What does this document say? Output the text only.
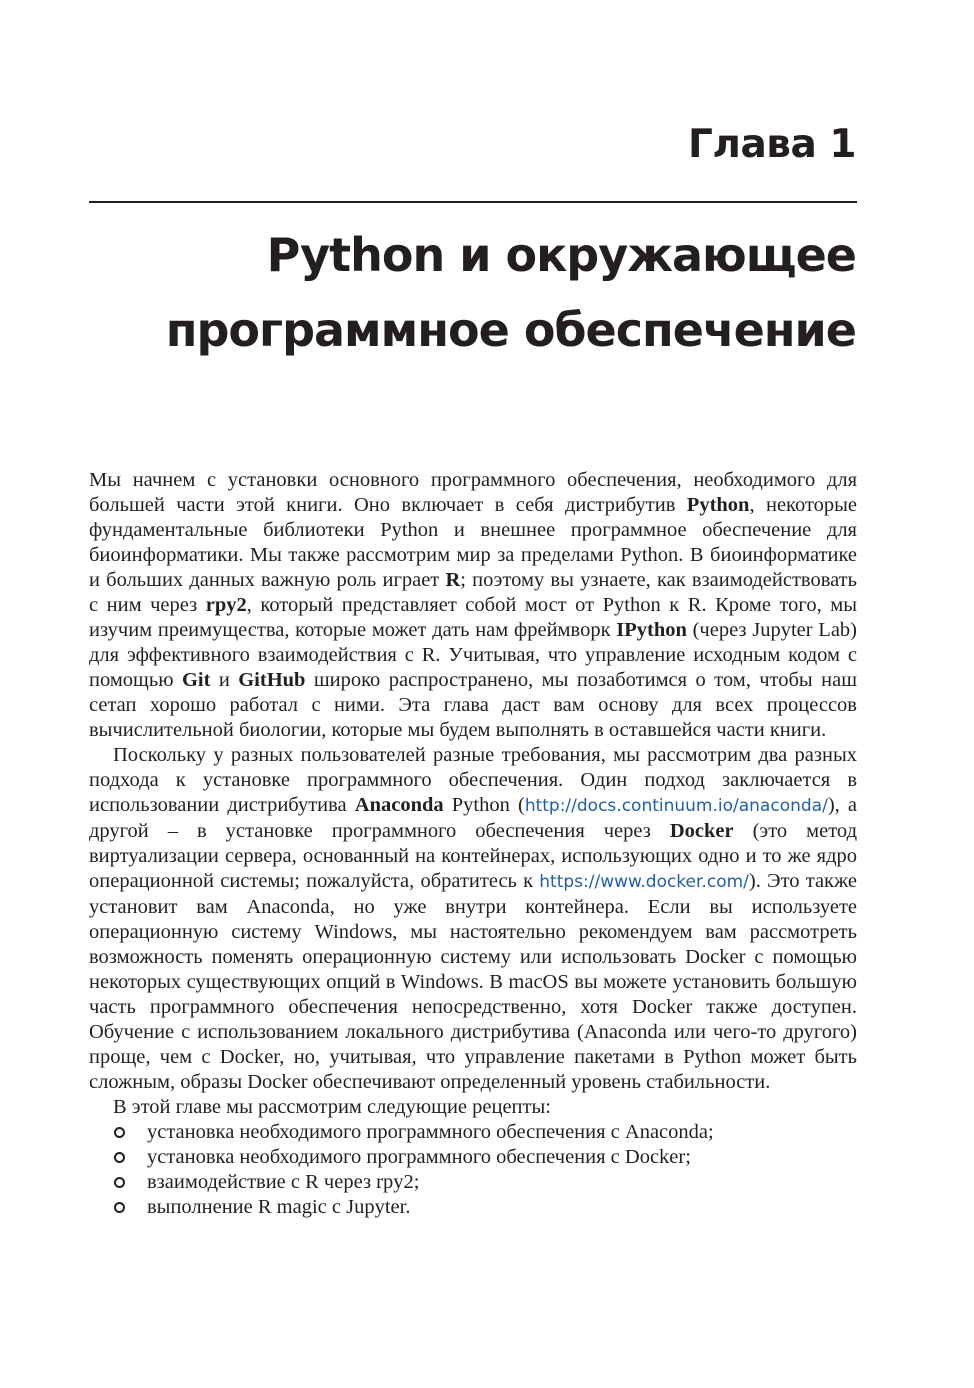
Глава 1
Python и окружающее
программное обеспечение

Мы начнем с установки основного программного обеспечения, необходимого для большей части этой книги. Оно включает в себя дистрибутив Python, некоторые фундаментальные библиотеки Python и внешнее программное обеспечение для биоинформатики. Мы также рассмотрим мир за пределами Python. В биоинформатике и больших данных важную роль играет R; поэтому вы узнаете, как взаимодействовать с ним через rpy2, который представляет собой мост от Python к R. Кроме того, мы изучим преимущества, которые может дать нам фреймворк IPython (через Jupyter Lab) для эффективного взаимодействия с R. Учитывая, что управление исходным кодом с помощью Git и GitHub широко распространено, мы позаботимся о том, чтобы наш сетап хорошо работал с ними. Эта глава даст вам основу для всех процессов вычислительной биологии, которые мы будем выполнять в оставшейся части книги.

Поскольку у разных пользователей разные требования, мы рассмотрим два разных подхода к установке программного обеспечения. Один подход заключается в использовании дистрибутива Anaconda Python (http://docs.continuum.io/anaconda/), а другой – в установке программного обеспечения через Docker (это метод виртуализации сервера, основанный на контейнерах, использующих одно и то же ядро операционной системы; пожалуйста, обратитесь к https://www.docker.com/). Это также установит вам Anaconda, но уже внутри контейнера. Если вы используете операционную систему Windows, мы настоятельно рекомендуем вам рассмотреть возможность поменять операционную систему или использовать Docker с помощью некоторых существующих опций в Windows. В macOS вы можете установить большую часть программного обеспечения непосредственно, хотя Docker также доступен. Обучение с использованием локального дистрибутива (Anaconda или чего-то другого) проще, чем с Docker, но, учитывая, что управление пакетами в Python может быть сложным, образы Docker обеспечивают определенный уровень стабильности.

В этой главе мы рассмотрим следующие рецепты:

установка необходимого программного обеспечения с Anaconda;
установка необходимого программного обеспечения с Docker;
взаимодействие с R через rpy2;
выполнение R magic с Jupyter.
